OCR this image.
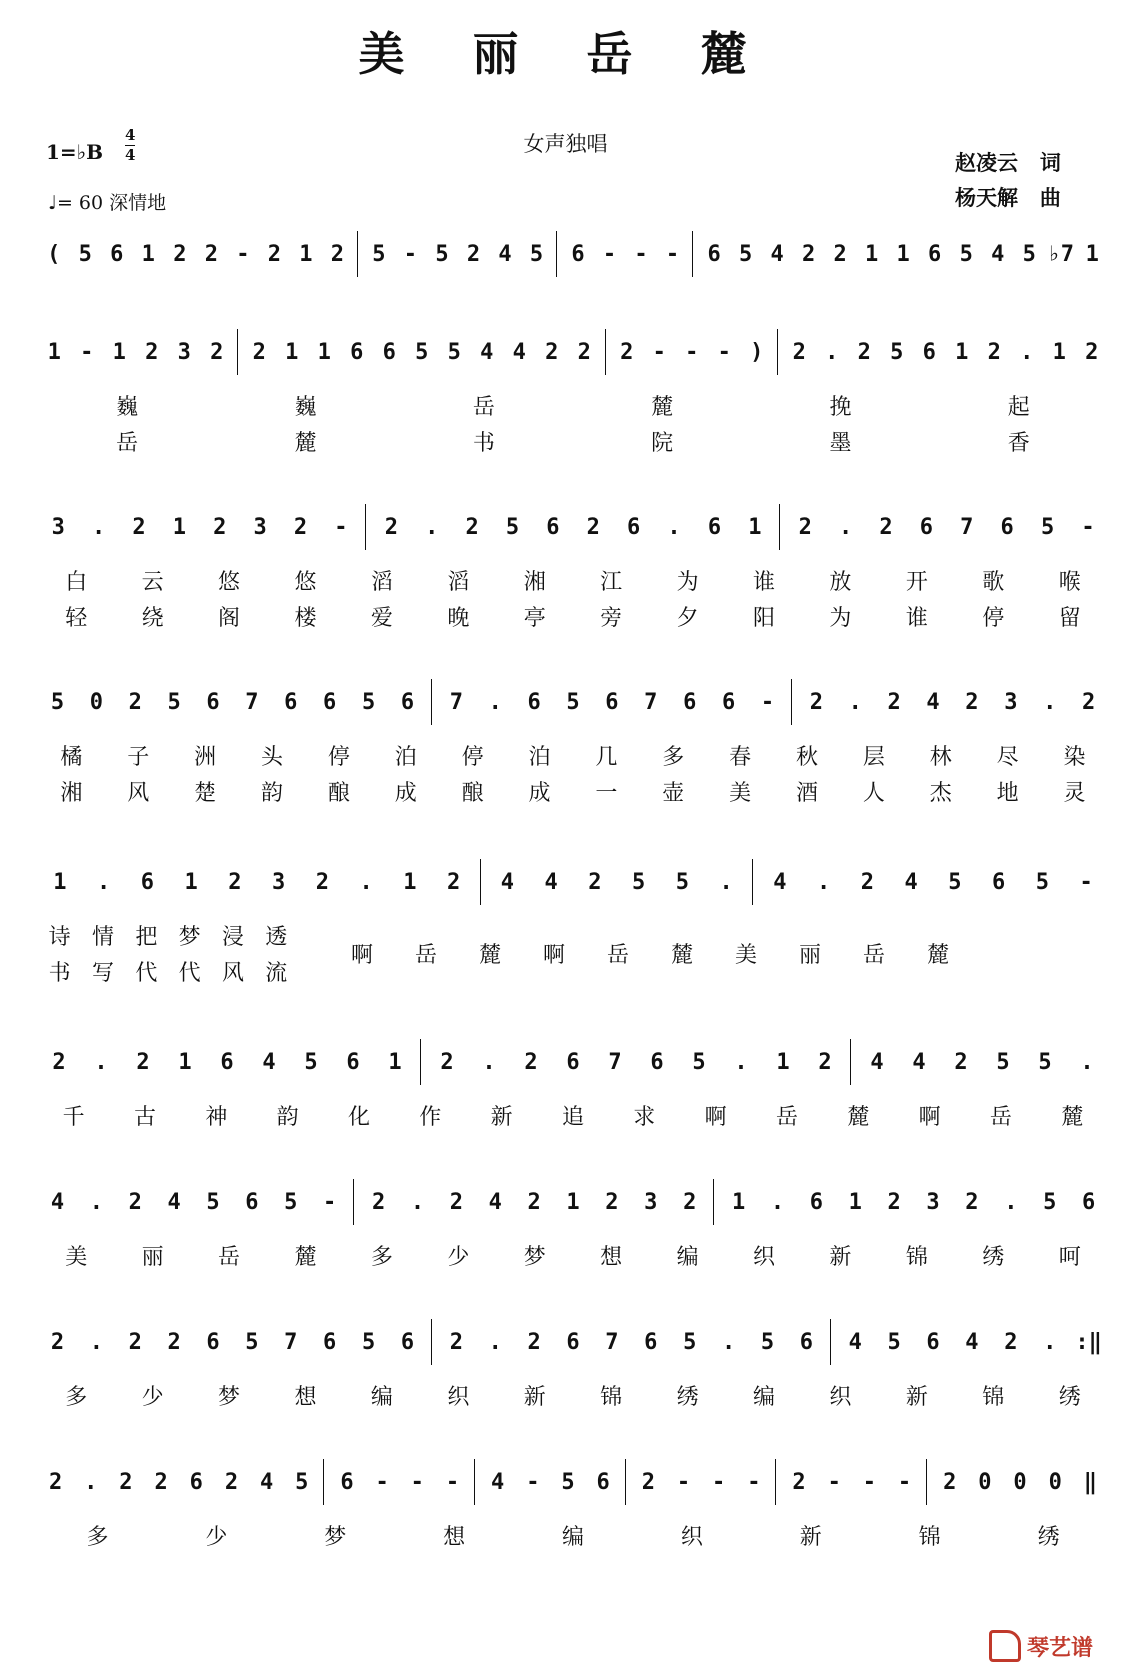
美 丽 岳 麓
女声独唱
1=♭B
4
4
♩= 60 深情地
赵凌云   词
杨天解   曲
( 5 6 1 2 2 - 2 1 2	5 - 5 2 4 5	6 - - -	6 5 4 2 2 1 1 6 5 4 5 ♭7 1
1 - 1 2 3 2	2 1 1 6 6 5 5 4 4 2 2	2 - - - )	2 . 2 5 6 1 2 . 1 2
巍	巍	岳	麓	挽	起
岳	麓	书	院	墨	香
3	.	2	1	2	3	2	-	2	.	2	5	6	2	6	.	6	1	2	.	2	6	7	6	5	-
白	云	悠	悠	滔	滔	湘	江	为	谁	放	开	歌	喉
轻	绕	阁	楼	爱	晚	亭	旁	夕	阳	为	谁	停	留
5	0	2	5	6	7	6	6	5	6	7	.	6	5	6	7	6	6	-	2	.	2	4	2	3	.	2
橘	子	洲	头	停	泊	停	泊	几	多	春	秋	层	林	尽	染
湘	风	楚	韵	酿	成	酿	成	一	壶	美	酒	人	杰	地	灵
1	.	6	1	2	3	2	.	1	2	4	4	2	5	5	.	4	.	2	4	5	6	5	-
诗 情 把 梦 浸 透
书 写 代 代 风 流
啊	岳	麓	啊	岳	麓	美	丽	岳	麓
2	.	2	1	6	4	5	6	1	2	.	2	6	7	6	5	.	1	2	4	4	2	5	5	.
千	古	神	韵	化	作	新	追	求	啊	岳	麓	啊	岳	麓
4	.	2	4	5	6	5	-	2	.	2	4	2	1	2	3	2	1	.	6	1	2	3	2	.	5	6
美	丽	岳	麓	多	少	梦	想	编	织	新	锦	绣	呵
2	.	2	2	6	5	7	6	5	6	2	.	2	6	7	6	5	.	5	6	4	5	6	4	2	. :‖
多	少	梦	想	编	织	新	锦	绣	编	织	新	锦	绣
2 . 2 2 6 2 4 5	6 - - -	4 - 5 6	2 - - -	2 - - -	2 0 0 0 ‖
多	少	梦	想	编	织	新	锦	绣
琴艺谱
